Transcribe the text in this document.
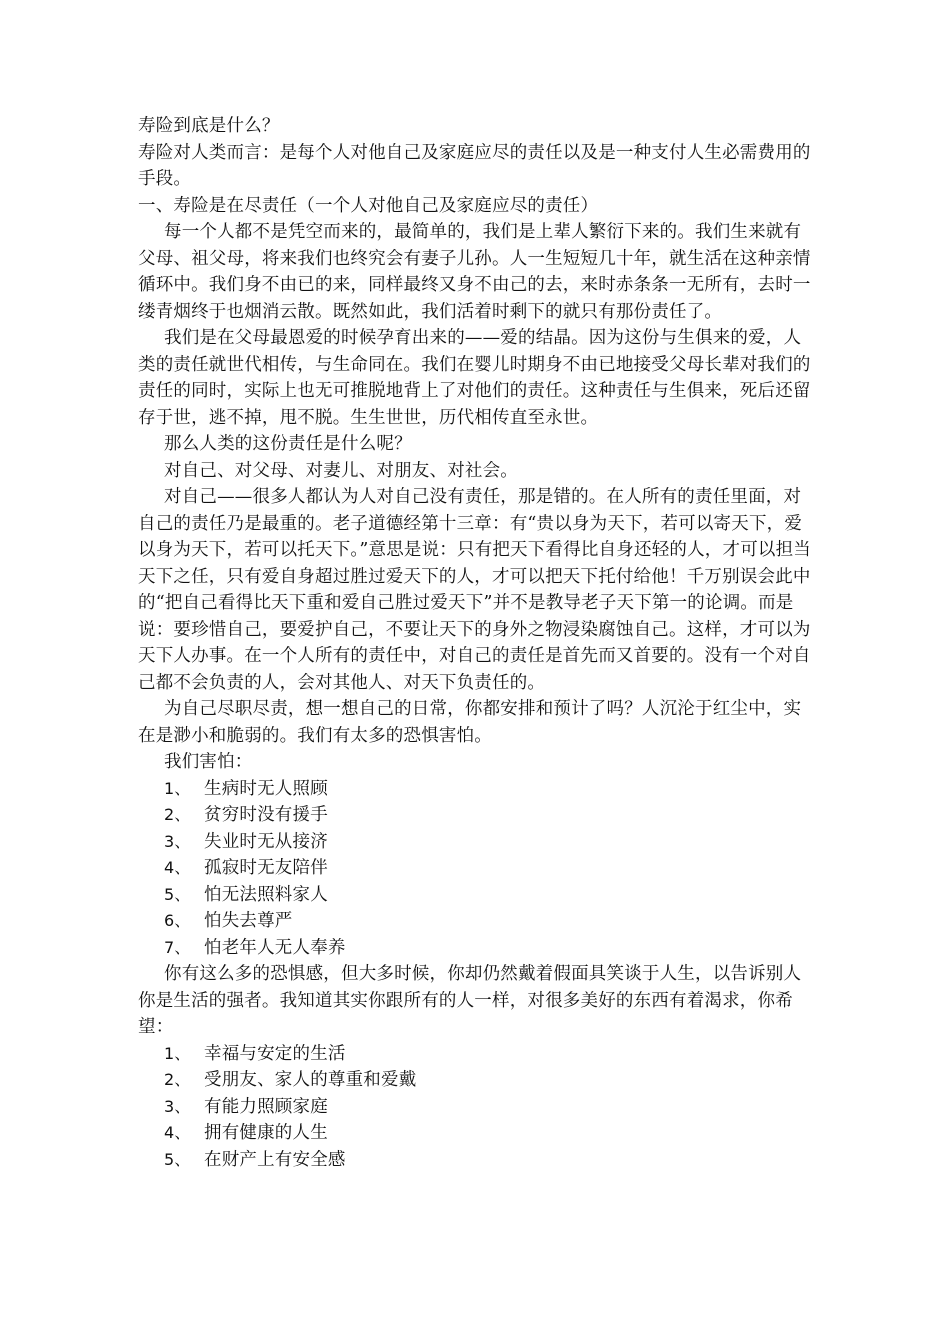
寿险到底是什么？

寿险对人类而言：是每个人对他自己及家庭应尽的责任以及是一种支付人生必需费用的手段。

一、寿险是在尽责任（一个人对他自己及家庭应尽的责任）

每一个人都不是凭空而来的，最简单的，我们是上辈人繁衍下来的。我们生来就有父母、祖父母，将来我们也终究会有妻子儿孙。人一生短短几十年，就生活在这种亲情循环中。我们身不由已的来，同样最终又身不由己的去，来时赤条条一无所有，去时一缕青烟终于也烟消云散。既然如此，我们活着时剩下的就只有那份责任了。

我们是在父母最恩爱的时候孕育出来的——爱的结晶。因为这份与生俱来的爱，人类的责任就世代相传，与生命同在。我们在婴儿时期身不由已地接受父母长辈对我们的责任的同时，实际上也无可推脱地背上了对他们的责任。这种责任与生俱来，死后还留存于世，逃不掉，甩不脱。生生世世，历代相传直至永世。

那么人类的这份责任是什么呢？

对自己、对父母、对妻儿、对朋友、对社会。

对自己——很多人都认为人对自己没有责任，那是错的。在人所有的责任里面，对自己的责任乃是最重的。老子道德经第十三章：有“贵以身为天下，若可以寄天下，爱以身为天下，若可以托天下。”意思是说：只有把天下看得比自身还轻的人，才可以担当天下之任，只有爱自身超过胜过爱天下的人，才可以把天下托付给他！千万别误会此中的“把自己看得比天下重和爱自己胜过爱天下”并不是教导老子天下第一的论调。而是说：要珍惜自己，要爱护自己，不要让天下的身外之物浸染腐蚀自己。这样，才可以为天下人办事。在一个人所有的责任中，对自己的责任是首先而又首要的。没有一个对自己都不会负责的人，会对其他人、对天下负责任的。

为自己尽职尽责，想一想自己的日常，你都安排和预计了吗？人沉沦于红尘中，实在是渺小和脆弱的。我们有太多的恐惧害怕。

我们害怕：

1、 生病时无人照顾
2、 贫穷时没有援手
3、 失业时无从接济
4、 孤寂时无友陪伴
5、 怕无法照料家人
6、 怕失去尊严
7、 怕老年人无人奉养

你有这么多的恐惧感，但大多时候，你却仍然戴着假面具笑谈于人生，以告诉别人你是生活的强者。我知道其实你跟所有的人一样，对很多美好的东西有着渴求，你希望：

1、 幸福与安定的生活
2、 受朋友、家人的尊重和爱戴
3、 有能力照顾家庭
4、 拥有健康的人生
5、 在财产上有安全感
